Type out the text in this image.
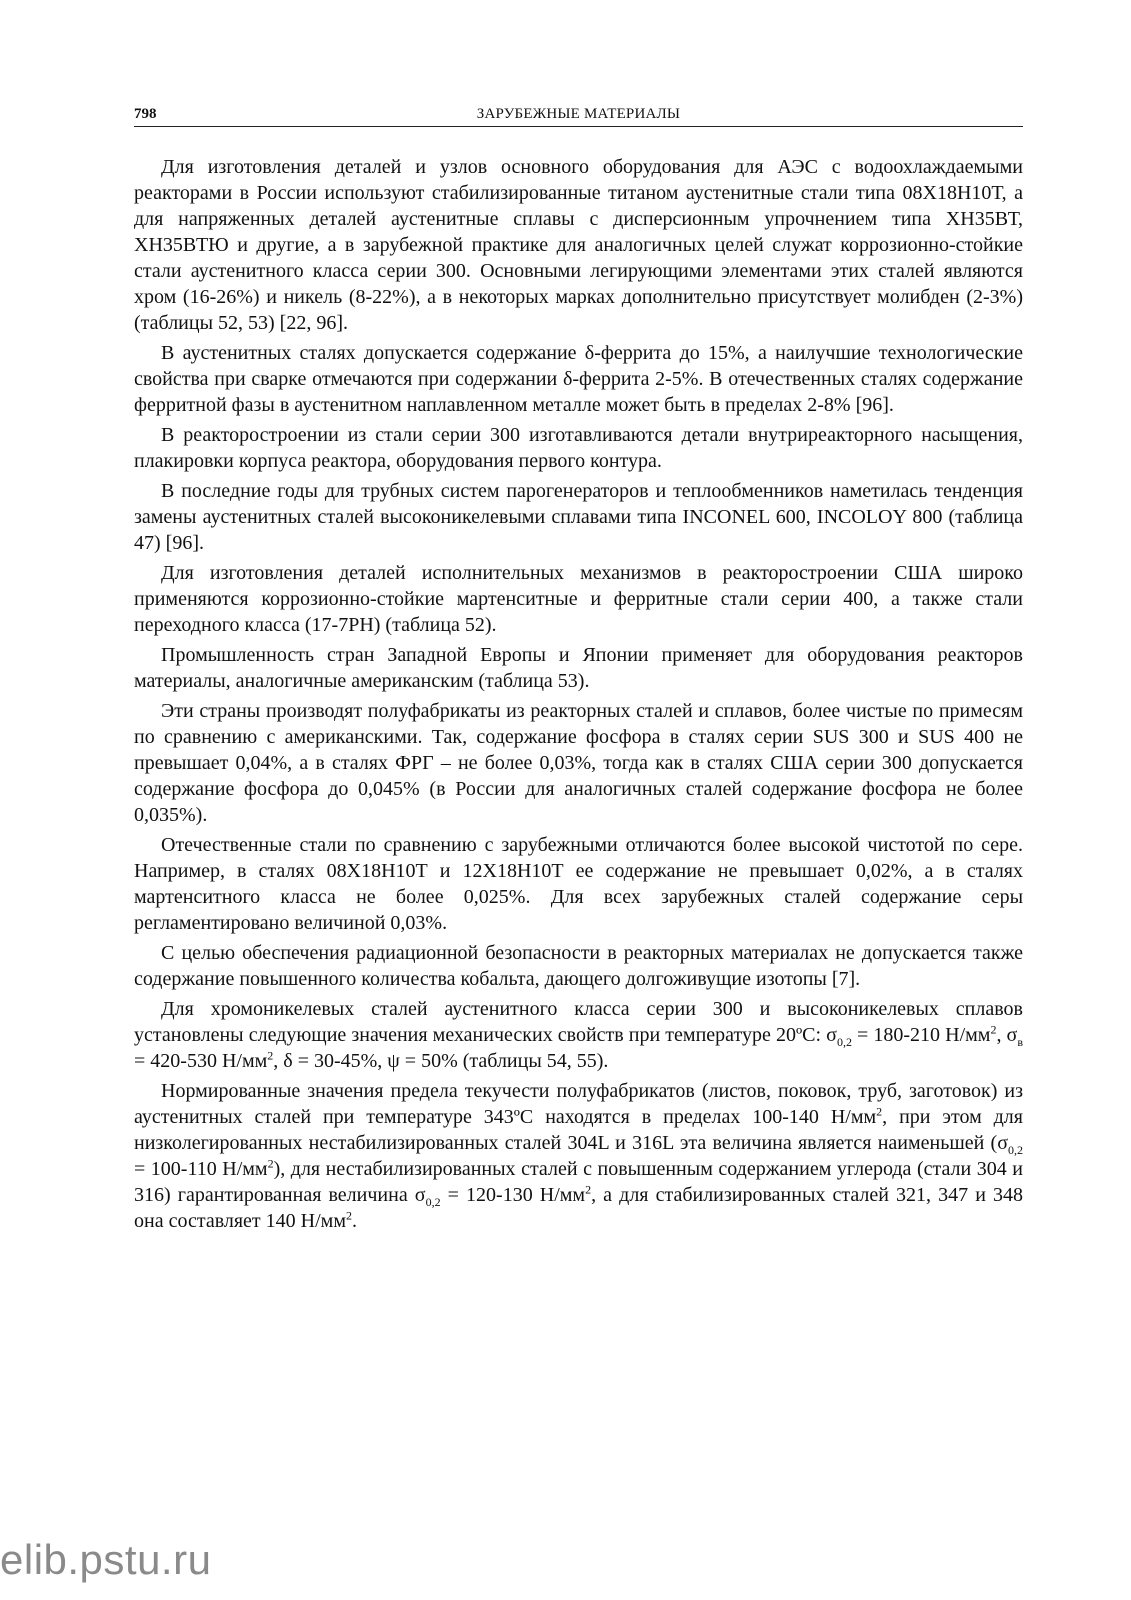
798	ЗАРУБЕЖНЫЕ МАТЕРИАЛЫ

Для изготовления деталей и узлов основного оборудования для АЭС с водоохлаждаемыми реакторами в России используют стабилизированные титаном аустенитные стали типа 08Х18Н10Т, а для напряженных деталей аустенитные сплавы с дисперсионным упрочнением типа ХН35ВТ, ХН35ВТЮ и другие, а в зарубежной практике для аналогичных целей служат коррозионно-стойкие стали аустенитного класса серии 300. Основными легирующими элементами этих сталей являются хром (16-26%) и никель (8-22%), а в некоторых марках дополнительно присутствует молибден (2-3%) (таблицы 52, 53) [22, 96].

В аустенитных сталях допускается содержание δ-феррита до 15%, а наилучшие технологические свойства при сварке отмечаются при содержании δ-феррита 2-5%. В отечественных сталях содержание ферритной фазы в аустенитном наплавленном металле может быть в пределах 2-8% [96].

В реакторостроении из стали серии 300 изготавливаются детали внутриреакторного насыщения, плакировки корпуса реактора, оборудования первого контура.

В последние годы для трубных систем парогенераторов и теплообменников наметилась тенденция замены аустенитных сталей высоконикелевыми сплавами типа INCONEL 600, INCOLOY 800 (таблица 47) [96].

Для изготовления деталей исполнительных механизмов в реакторостроении США широко применяются коррозионно-стойкие мартенситные и ферритные стали серии 400, а также стали переходного класса (17-7РН) (таблица 52).

Промышленность стран Западной Европы и Японии применяет для оборудования реакторов материалы, аналогичные американским (таблица 53).

Эти страны производят полуфабрикаты из реакторных сталей и сплавов, более чистые по примесям по сравнению с американскими. Так, содержание фосфора в сталях серии SUS 300 и SUS 400 не превышает 0,04%, а в сталях ФРГ – не более 0,03%, тогда как в сталях США серии 300 допускается содержание фосфора до 0,045% (в России для аналогичных сталей содержание фосфора не более 0,035%).

Отечественные стали по сравнению с зарубежными отличаются более высокой чистотой по сере. Например, в сталях 08Х18Н10Т и 12Х18Н10Т ее содержание не превышает 0,02%, а в сталях мартенситного класса не более 0,025%. Для всех зарубежных сталей содержание серы регламентировано величиной 0,03%.

С целью обеспечения радиационной безопасности в реакторных материалах не допускается также содержание повышенного количества кобальта, дающего долгоживущие изотопы [7].

Для хромоникелевых сталей аустенитного класса серии 300 и высоконикелевых сплавов установлены следующие значения механических свойств при температуре 20ºС: $\sigma_{0,2} = 180-210$ $Н/мм^2$, $\sigma_в = 420-530$ $Н/мм^2$, δ = 30-45%, ψ = 50% (таблицы 54, 55).

Нормированные значения предела текучести полуфабрикатов (листов, поковок, труб, заготовок) из аустенитных сталей при температуре 343ºС находятся в пределах 100-140 $Н/мм^2$, при этом для низколегированных нестабилизированных сталей 304L и 316L эта величина является наименьшей ($\sigma_{0,2} = 100-110$ $Н/мм^2$), для нестабилизированных сталей с повышенным содержанием углерода (стали 304 и 316) гарантированная величина $\sigma_{0,2} = 120-130$ $Н/мм^2$, а для стабилизированных сталей 321, 347 и 348 она составляет 140 $Н/мм^2$.

elib.pstu.ru
